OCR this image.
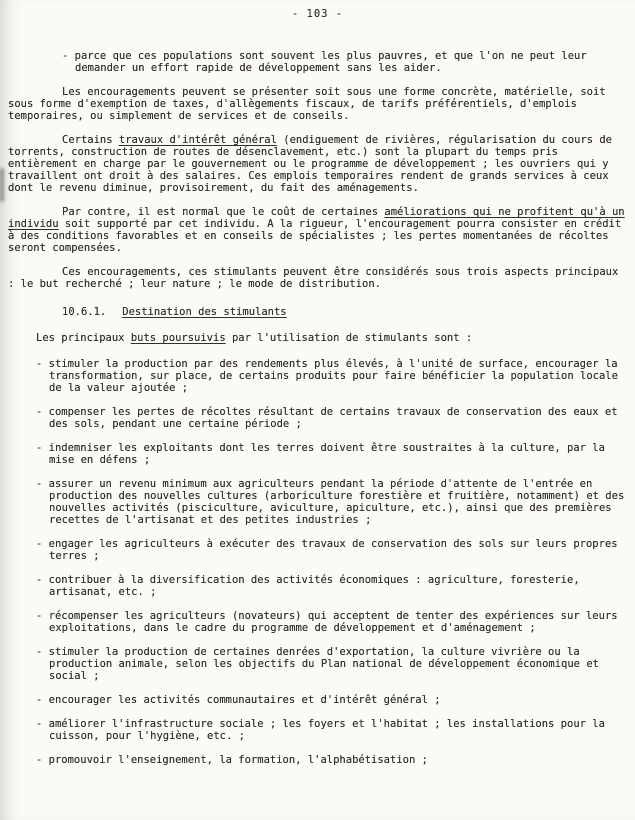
- 103 -
- parce que ces populations sont souvent les plus pauvres, et que l'on ne peut leur demander un effort rapide de développement sans les aider.

Les encouragements peuvent se présenter soit sous une forme concrète, matérielle, soit sous forme d'exemption de taxes, d'allègements fiscaux, de tarifs préférentiels, d'emplois temporaires, ou simplement de services et de conseils.

Certains travaux d'intérêt général (endiguement de rivières, régularisation du cours de torrents, construction de routes de désenclavement, etc.) sont la plupart du temps pris entièrement en charge par le gouvernement ou le programme de développement ; les ouvriers qui y travaillent ont droit à des salaires. Ces emplois temporaires rendent de grands services à ceux dont le revenu diminue, provisoirement, du fait des aménagements.

Par contre, il est normal que le coût de certaines améliorations qui ne profitent qu'à un individu soit supporté par cet individu. A la rigueur, l'encouragement pourra consister en crédit à des conditions favorables et en conseils de spécialistes ; les pertes momentanées de récoltes seront compensées.

Ces encouragements, ces stimulants peuvent être considérés sous trois aspects principaux : le but recherché ; leur nature ; le mode de distribution.

10.6.1. Destination des stimulants

Les principaux buts poursuivis par l'utilisation de stimulants sont :

- stimuler la production par des rendements plus élevés, à l'unité de surface, encourager la transformation, sur place, de certains produits pour faire bénéficier la population locale de la valeur ajoutée ;
- compenser les pertes de récoltes résultant de certains travaux de conservation des eaux et des sols, pendant une certaine période ;
- indemniser les exploitants dont les terres doivent être soustraites à la culture, par la mise en défens ;
- assurer un revenu minimum aux agriculteurs pendant la période d'attente de l'entrée en production des nouvelles cultures (arboriculture forestière et fruitière, notamment) et des nouvelles activités (pisciculture, aviculture, apiculture, etc.), ainsi que des premières recettes de l'artisanat et des petites industries ;
- engager les agriculteurs à exécuter des travaux de conservation des sols sur leurs propres terres ;
- contribuer à la diversification des activités économiques : agriculture, foresterie, artisanat, etc. ;
- récompenser les agriculteurs (novateurs) qui acceptent de tenter des expériences sur leurs exploitations, dans le cadre du programme de développement et d'aménagement ;
- stimuler la production de certaines denrées d'exportation, la culture vivrière ou la production animale, selon les objectifs du Plan national de développement économique et social ;
- encourager les activités communautaires et d'intérêt général ;
- améliorer l'infrastructure sociale ; les foyers et l'habitat ; les installations pour la cuisson, pour l'hygiène, etc. ;
- promouvoir l'enseignement, la formation, l'alphabétisation ;
